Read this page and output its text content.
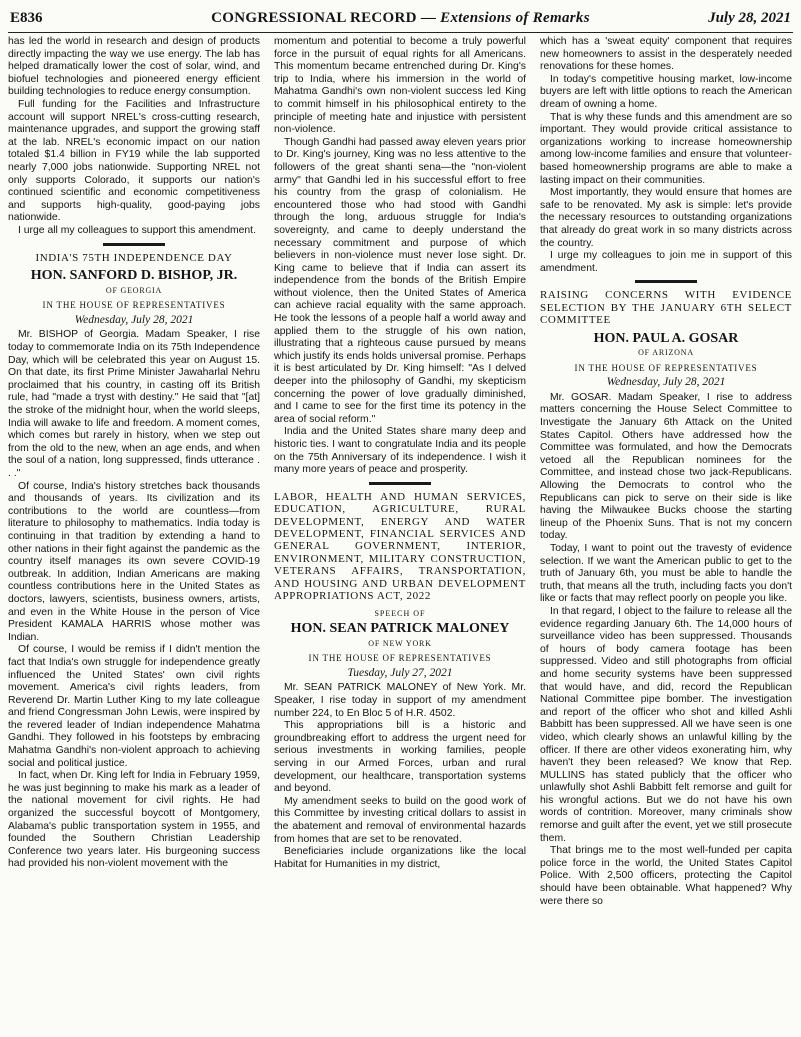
E836	CONGRESSIONAL RECORD — Extensions of Remarks	July 28, 2021

has led the world in research and design of products directly impacting the way we use energy. The lab has helped dramatically lower the cost of solar, wind, and biofuel technologies and pioneered energy efficient building technologies to reduce energy consumption.

Full funding for the Facilities and Infrastructure account will support NREL's cross-cutting research, maintenance upgrades, and support the growing staff at the lab. NREL's economic impact on our nation totaled $1.4 billion in FY19 while the lab supported nearly 7,000 jobs nationwide. Supporting NREL not only supports Colorado, it supports our nation's continued scientific and economic competitiveness and supports high-quality, good-paying jobs nationwide.

I urge all my colleagues to support this amendment.

INDIA'S 75TH INDEPENDENCE DAY
HON. SANFORD D. BISHOP, JR.
OF GEORGIA
IN THE HOUSE OF REPRESENTATIVES
Wednesday, July 28, 2021

Mr. BISHOP of Georgia. Madam Speaker, I rise today to commemorate India on its 75th Independence Day, which will be celebrated this year on August 15. On that date, its first Prime Minister Jawaharlal Nehru proclaimed that his country, in casting off its British rule, had "made a tryst with destiny." He said that "[at] the stroke of the midnight hour, when the world sleeps, India will awake to life and freedom. A moment comes, which comes but rarely in history, when we step out from the old to the new, when an age ends, and when the soul of a nation, long suppressed, finds utterance . . ."

Of course, India's history stretches back thousands and thousands of years. Its civilization and its contributions to the world are countless—from literature to philosophy to mathematics. India today is continuing in that tradition by extending a hand to other nations in their fight against the pandemic as the country itself manages its own severe COVID-19 outbreak. In addition, Indian Americans are making countless contributions here in the United States as doctors, lawyers, scientists, business owners, artists, and even in the White House in the person of Vice President KAMALA HARRIS whose mother was Indian.

Of course, I would be remiss if I didn't mention the fact that India's own struggle for independence greatly influenced the United States' own civil rights movement. America's civil rights leaders, from Reverend Dr. Martin Luther King to my late colleague and friend Congressman John Lewis, were inspired by the revered leader of Indian independence Mahatma Gandhi. They followed in his footsteps by embracing Mahatma Gandhi's non-violent approach to achieving social and political justice.

In fact, when Dr. King left for India in February 1959, he was just beginning to make his mark as a leader of the national movement for civil rights. He had organized the successful boycott of Montgomery, Alabama's public transportation system in 1955, and founded the Southern Christian Leadership Conference two years later. His burgeoning success had provided his non-violent movement with the

momentum and potential to become a truly powerful force in the pursuit of equal rights for all Americans. This momentum became entrenched during Dr. King's trip to India, where his immersion in the world of Mahatma Gandhi's own non-violent success led King to commit himself in his philosophical entirety to the principle of meeting hate and injustice with persistent non-violence.

Though Gandhi had passed away eleven years prior to Dr. King's journey, King was no less attentive to the followers of the great shanti sena—the "non-violent army" that Gandhi led in his successful effort to free his country from the grasp of colonialism. He encountered those who had stood with Gandhi through the long, arduous struggle for India's sovereignty, and came to deeply understand the necessary commitment and purpose of which believers in non-violence must never lose sight. Dr. King came to believe that if India can assert its independence from the bonds of the British Empire without violence, then the United States of America can achieve racial equality with the same approach. He took the lessons of a people half a world away and applied them to the struggle of his own nation, illustrating that a righteous cause pursued by means which justify its ends holds universal promise. Perhaps it is best articulated by Dr. King himself: "As I delved deeper into the philosophy of Gandhi, my skepticism concerning the power of love gradually diminished, and I came to see for the first time its potency in the area of social reform."

India and the United States share many deep and historic ties. I want to congratulate India and its people on the 75th Anniversary of its independence. I wish it many more years of peace and prosperity.

LABOR, HEALTH AND HUMAN SERVICES, EDUCATION, AGRICULTURE, RURAL DEVELOPMENT, ENERGY AND WATER DEVELOPMENT, FINANCIAL SERVICES AND GENERAL GOVERNMENT, INTERIOR, ENVIRONMENT, MILITARY CONSTRUCTION, VETERANS AFFAIRS, TRANSPORTATION, AND HOUSING AND URBAN DEVELOPMENT APPROPRIATIONS ACT, 2022
SPEECH OF
HON. SEAN PATRICK MALONEY
OF NEW YORK
IN THE HOUSE OF REPRESENTATIVES
Tuesday, July 27, 2021

Mr. SEAN PATRICK MALONEY of New York. Mr. Speaker, I rise today in support of my amendment number 224, to En Bloc 5 of H.R. 4502.

This appropriations bill is a historic and groundbreaking effort to address the urgent need for serious investments in working families, people serving in our Armed Forces, urban and rural development, our healthcare, transportation systems and beyond.

My amendment seeks to build on the good work of this Committee by investing critical dollars to assist in the abatement and removal of environmental hazards from homes that are set to be renovated.

Beneficiaries include organizations like the local Habitat for Humanities in my district,

which has a 'sweat equity' component that requires new homeowners to assist in the desperately needed renovations for these homes.

In today's competitive housing market, low-income buyers are left with little options to reach the American dream of owning a home.

That is why these funds and this amendment are so important. They would provide critical assistance to organizations working to increase homeownership among low-income families and ensure that volunteer-based homeownership programs are able to make a lasting impact on their communities.

Most importantly, they would ensure that homes are safe to be renovated. My ask is simple: let's provide the necessary resources to outstanding organizations that already do great work in so many districts across the country.

I urge my colleagues to join me in support of this amendment.

RAISING CONCERNS WITH EVIDENCE SELECTION BY THE JANUARY 6TH SELECT COMMITTEE
HON. PAUL A. GOSAR
OF ARIZONA
IN THE HOUSE OF REPRESENTATIVES
Wednesday, July 28, 2021

Mr. GOSAR. Madam Speaker, I rise to address matters concerning the House Select Committee to Investigate the January 6th Attack on the United States Capitol. Others have addressed how the Committee was formulated, and how the Democrats vetoed all the Republican nominees for the Committee, and instead chose two jack-Republicans. Allowing the Democrats to control who the Republicans can pick to serve on their side is like having the Milwaukee Bucks choose the starting lineup of the Phoenix Suns. That is not my concern today.

Today, I want to point out the travesty of evidence selection. If we want the American public to get to the truth of January 6th, you must be able to handle the truth, that means all the truth, including facts you don't like or facts that may reflect poorly on people you like.

In that regard, I object to the failure to release all the evidence regarding January 6th. The 14,000 hours of surveillance video has been suppressed. Thousands of hours of body camera footage has been suppressed. Video and still photographs from official and home security systems have been suppressed that would have, and did, record the Republican National Committee pipe bomber. The investigation and report of the officer who shot and killed Ashli Babbitt has been suppressed. All we have seen is one video, which clearly shows an unlawful killing by the officer. If there are other videos exonerating him, why haven't they been released? We know that Rep. MULLINS has stated publicly that the officer who unlawfully shot Ashli Babbitt felt remorse and guilt for his wrongful actions. But we do not have his own words of contrition. Moreover, many criminals show remorse and guilt after the event, yet we still prosecute them.

That brings me to the most well-funded per capita police force in the world, the United States Capitol Police. With 2,500 officers, protecting the Capitol should have been obtainable. What happened? Why were there so
